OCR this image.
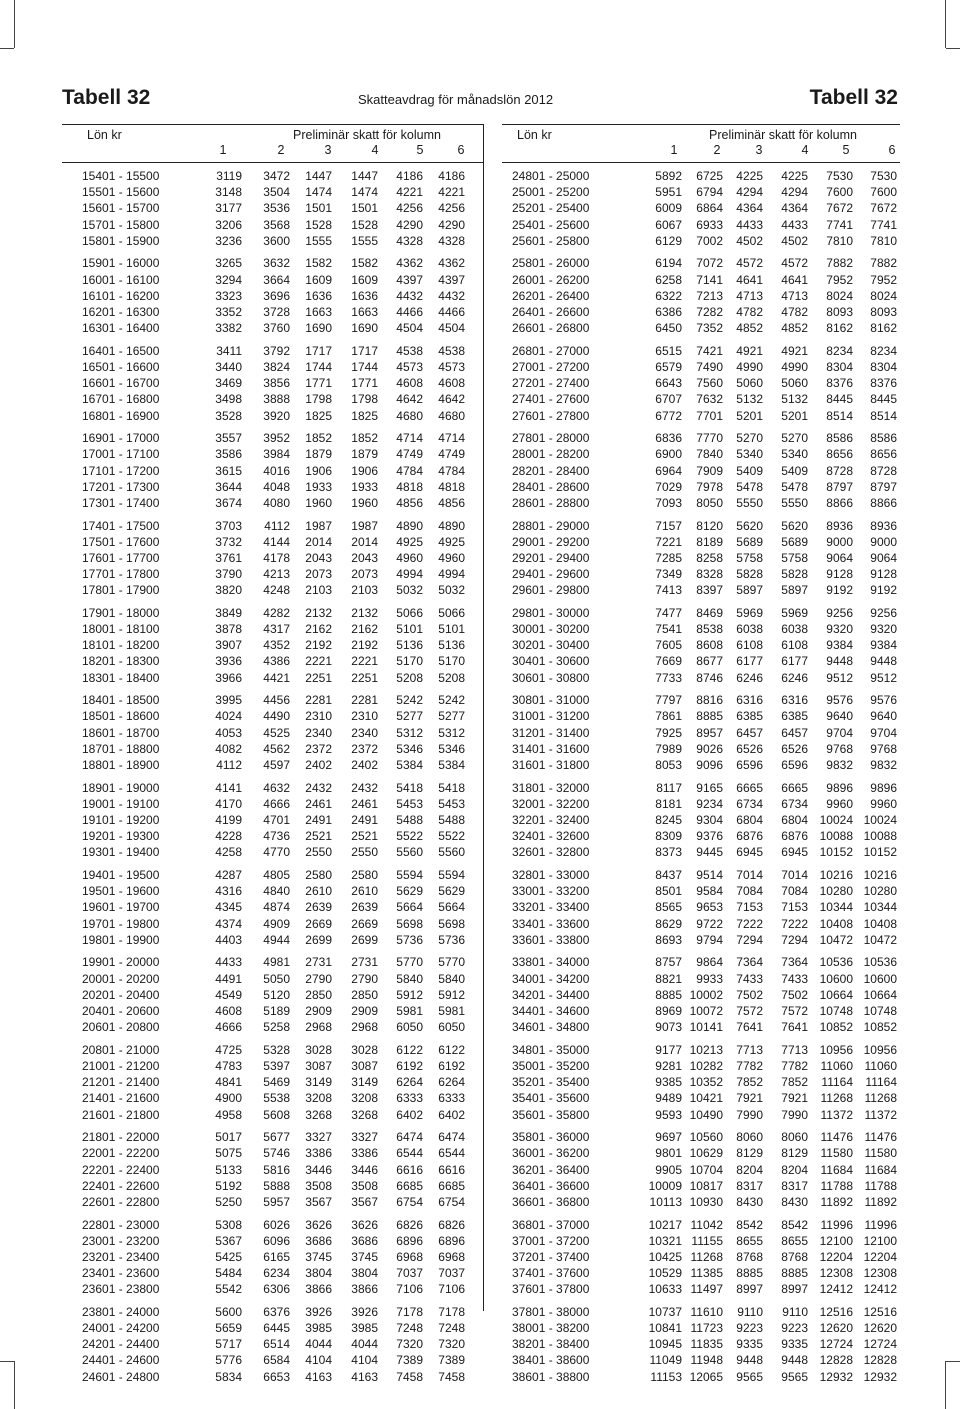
Tabell 32	Skatteavdrag för månadslön 2012	Tabell 32
Lön kr	Preliminär skatt för kolumn
1	2	3	4	5	6
15401 - 15500	3119	3472	1447	1447	4186	4186
15501 - 15600	3148	3504	1474	1474	4221	4221
15601 - 15700	3177	3536	1501	1501	4256	4256
15701 - 15800	3206	3568	1528	1528	4290	4290
15801 - 15900	3236	3600	1555	1555	4328	4328
15901 - 16000	3265	3632	1582	1582	4362	4362
16001 - 16100	3294	3664	1609	1609	4397	4397
16101 - 16200	3323	3696	1636	1636	4432	4432
16201 - 16300	3352	3728	1663	1663	4466	4466
16301 - 16400	3382	3760	1690	1690	4504	4504
16401 - 16500	3411	3792	1717	1717	4538	4538
16501 - 16600	3440	3824	1744	1744	4573	4573
16601 - 16700	3469	3856	1771	1771	4608	4608
16701 - 16800	3498	3888	1798	1798	4642	4642
16801 - 16900	3528	3920	1825	1825	4680	4680
16901 - 17000	3557	3952	1852	1852	4714	4714
17001 - 17100	3586	3984	1879	1879	4749	4749
17101 - 17200	3615	4016	1906	1906	4784	4784
17201 - 17300	3644	4048	1933	1933	4818	4818
17301 - 17400	3674	4080	1960	1960	4856	4856
17401 - 17500	3703	4112	1987	1987	4890	4890
17501 - 17600	3732	4144	2014	2014	4925	4925
17601 - 17700	3761	4178	2043	2043	4960	4960
17701 - 17800	3790	4213	2073	2073	4994	4994
17801 - 17900	3820	4248	2103	2103	5032	5032
17901 - 18000	3849	4282	2132	2132	5066	5066
18001 - 18100	3878	4317	2162	2162	5101	5101
18101 - 18200	3907	4352	2192	2192	5136	5136
18201 - 18300	3936	4386	2221	2221	5170	5170
18301 - 18400	3966	4421	2251	2251	5208	5208
18401 - 18500	3995	4456	2281	2281	5242	5242
18501 - 18600	4024	4490	2310	2310	5277	5277
18601 - 18700	4053	4525	2340	2340	5312	5312
18701 - 18800	4082	4562	2372	2372	5346	5346
18801 - 18900	4112	4597	2402	2402	5384	5384
18901 - 19000	4141	4632	2432	2432	5418	5418
19001 - 19100	4170	4666	2461	2461	5453	5453
19101 - 19200	4199	4701	2491	2491	5488	5488
19201 - 19300	4228	4736	2521	2521	5522	5522
19301 - 19400	4258	4770	2550	2550	5560	5560
19401 - 19500	4287	4805	2580	2580	5594	5594
19501 - 19600	4316	4840	2610	2610	5629	5629
19601 - 19700	4345	4874	2639	2639	5664	5664
19701 - 19800	4374	4909	2669	2669	5698	5698
19801 - 19900	4403	4944	2699	2699	5736	5736
19901 - 20000	4433	4981	2731	2731	5770	5770
20001 - 20200	4491	5050	2790	2790	5840	5840
20201 - 20400	4549	5120	2850	2850	5912	5912
20401 - 20600	4608	5189	2909	2909	5981	5981
20601 - 20800	4666	5258	2968	2968	6050	6050
20801 - 21000	4725	5328	3028	3028	6122	6122
21001 - 21200	4783	5397	3087	3087	6192	6192
21201 - 21400	4841	5469	3149	3149	6264	6264
21401 - 21600	4900	5538	3208	3208	6333	6333
21601 - 21800	4958	5608	3268	3268	6402	6402
21801 - 22000	5017	5677	3327	3327	6474	6474
22001 - 22200	5075	5746	3386	3386	6544	6544
22201 - 22400	5133	5816	3446	3446	6616	6616
22401 - 22600	5192	5888	3508	3508	6685	6685
22601 - 22800	5250	5957	3567	3567	6754	6754
22801 - 23000	5308	6026	3626	3626	6826	6826
23001 - 23200	5367	6096	3686	3686	6896	6896
23201 - 23400	5425	6165	3745	3745	6968	6968
23401 - 23600	5484	6234	3804	3804	7037	7037
23601 - 23800	5542	6306	3866	3866	7106	7106
23801 - 24000	5600	6376	3926	3926	7178	7178
24001 - 24200	5659	6445	3985	3985	7248	7248
24201 - 24400	5717	6514	4044	4044	7320	7320
24401 - 24600	5776	6584	4104	4104	7389	7389
24601 - 24800	5834	6653	4163	4163	7458	7458
Lön kr	Preliminär skatt för kolumn
1	2	3	4	5	6
24801 - 25000	5892	6725	4225	4225	7530	7530
25001 - 25200	5951	6794	4294	4294	7600	7600
25201 - 25400	6009	6864	4364	4364	7672	7672
25401 - 25600	6067	6933	4433	4433	7741	7741
25601 - 25800	6129	7002	4502	4502	7810	7810
25801 - 26000	6194	7072	4572	4572	7882	7882
26001 - 26200	6258	7141	4641	4641	7952	7952
26201 - 26400	6322	7213	4713	4713	8024	8024
26401 - 26600	6386	7282	4782	4782	8093	8093
26601 - 26800	6450	7352	4852	4852	8162	8162
26801 - 27000	6515	7421	4921	4921	8234	8234
27001 - 27200	6579	7490	4990	4990	8304	8304
27201 - 27400	6643	7560	5060	5060	8376	8376
27401 - 27600	6707	7632	5132	5132	8445	8445
27601 - 27800	6772	7701	5201	5201	8514	8514
27801 - 28000	6836	7770	5270	5270	8586	8586
28001 - 28200	6900	7840	5340	5340	8656	8656
28201 - 28400	6964	7909	5409	5409	8728	8728
28401 - 28600	7029	7978	5478	5478	8797	8797
28601 - 28800	7093	8050	5550	5550	8866	8866
28801 - 29000	7157	8120	5620	5620	8936	8936
29001 - 29200	7221	8189	5689	5689	9000	9000
29201 - 29400	7285	8258	5758	5758	9064	9064
29401 - 29600	7349	8328	5828	5828	9128	9128
29601 - 29800	7413	8397	5897	5897	9192	9192
29801 - 30000	7477	8469	5969	5969	9256	9256
30001 - 30200	7541	8538	6038	6038	9320	9320
30201 - 30400	7605	8608	6108	6108	9384	9384
30401 - 30600	7669	8677	6177	6177	9448	9448
30601 - 30800	7733	8746	6246	6246	9512	9512
30801 - 31000	7797	8816	6316	6316	9576	9576
31001 - 31200	7861	8885	6385	6385	9640	9640
31201 - 31400	7925	8957	6457	6457	9704	9704
31401 - 31600	7989	9026	6526	6526	9768	9768
31601 - 31800	8053	9096	6596	6596	9832	9832
31801 - 32000	8117	9165	6665	6665	9896	9896
32001 - 32200	8181	9234	6734	6734	9960	9960
32201 - 32400	8245	9304	6804	6804 10024 10024
32401 - 32600	8309	9376	6876	6876 10088 10088
32601 - 32800	8373	9445	6945	6945 10152 10152
32801 - 33000	8437	9514	7014	7014 10216 10216
33001 - 33200	8501	9584	7084	7084 10280 10280
33201 - 33400	8565	9653	7153	7153 10344 10344
33401 - 33600	8629	9722	7222	7222 10408 10408
33601 - 33800	8693	9794	7294	7294 10472 10472
33801 - 34000	8757	9864	7364	7364 10536 10536
34001 - 34200	8821	9933	7433	7433 10600 10600
34201 - 34400	8885 10002	7502	7502 10664 10664
34401 - 34600	8969 10072	7572	7572 10748 10748
34601 - 34800	9073 10141	7641	7641 10852 10852
34801 - 35000	9177 10213	7713	7713 10956 10956
35001 - 35200	9281 10282	7782	7782	11060 11060
35201 - 35400	9385 10352	7852	7852	11164	11164
35401 - 35600	9489 10421	7921	7921	11268 11268
35601 - 35800	9593 10490	7990	7990	11372 11372
35801 - 36000	9697 10560	8060	8060	11476 11476
36001 - 36200	9801 10629	8129	8129	11580 11580
36201 - 36400	9905 10704	8204	8204	11684 11684
36401 - 36600	10009 10817	8317	8317	11788 11788
36601 - 36800	10113 10930	8430	8430	11892 11892
36801 - 37000	10217 11042	8542	8542	11996 11996
37001 - 37200	10321 11155	8655	8655 12100 12100
37201 - 37400	10425 11268	8768	8768 12204 12204
37401 - 37600	10529 11385	8885	8885 12308 12308
37601 - 37800	10633 11497	8997	8997 12412 12412
37801 - 38000	10737 11610	9110	9110 12516 12516
38001 - 38200	10841 11723	9223	9223 12620 12620
38201 - 38400	10945 11835	9335	9335 12724 12724
38401 - 38600	11049 11948	9448	9448 12828 12828
38601 - 38800	11153 12065	9565	9565 12932 12932
